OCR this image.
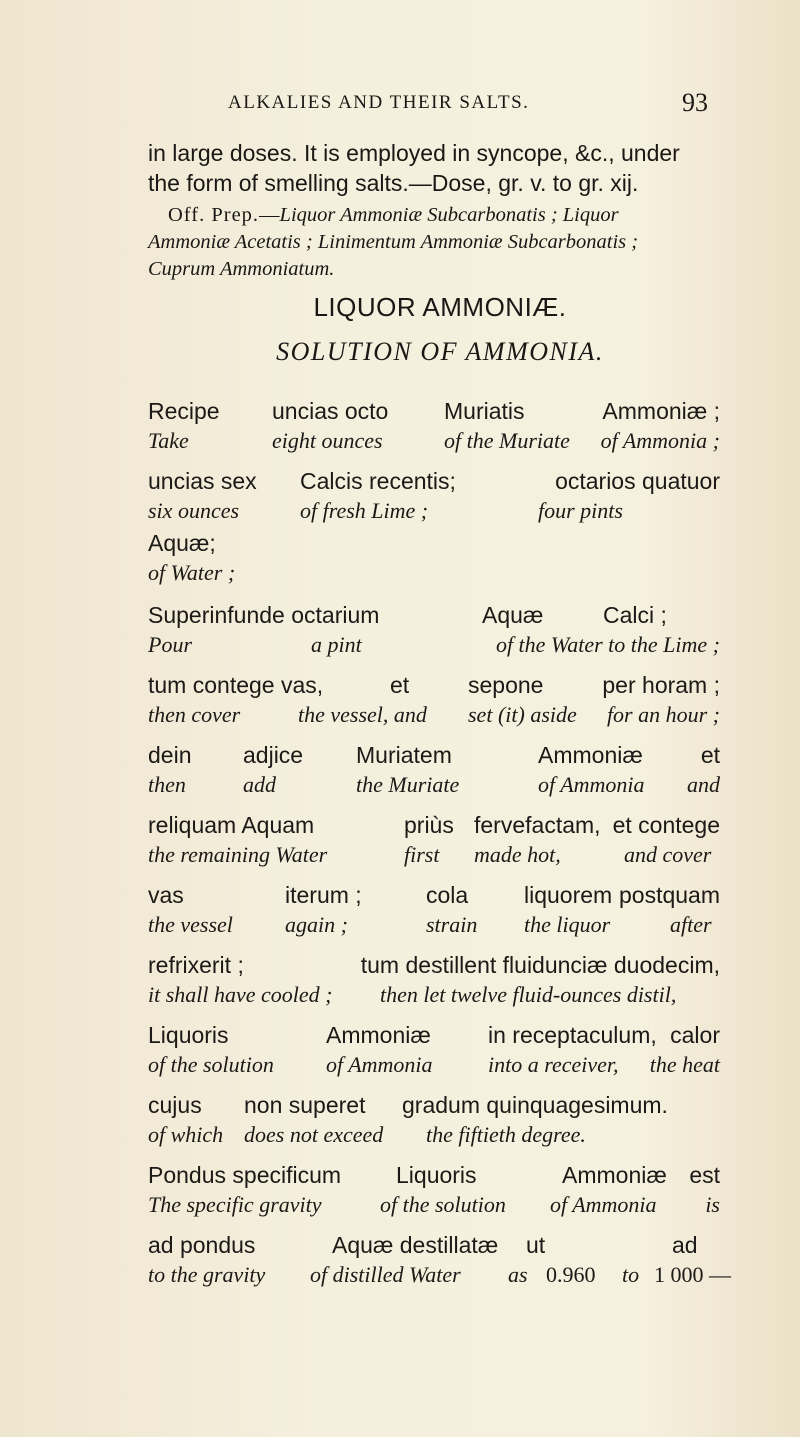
ALKALIES AND THEIR SALTS.	93
in large doses. It is employed in syncope, &c., under
the form of smelling salts.—Dose, gr. v. to gr. xij.
Off. Prep.—Liquor Ammoniæ Subcarbonatis ; Liquor
Ammoniæ Acetatis ; Linimentum Ammoniæ Subcarbonatis ;
Cuprum Ammoniatum.
LIQUOR AMMONIÆ.
SOLUTION OF AMMONIA.
Recipe uncias octo Muriatis	Ammoniæ ;
Take	eight ounces	of the Muriate of Ammonia ;
uncias sex Calcis recentis;	octarios quatuor
six ounces	of fresh Lime ;	four pints
Aquæ;
of Water ;
Superinfunde octarium	Aquæ	Calci ;
Pour	a pint	of the Water to the Lime ;
tum contege vas,	et	sepone	per horam ;
then cover	the vessel, and set (it) aside for an hour ;
dein adjice Muriatem	Ammoniæ	et
then	add	the Muriate	of Ammonia and
reliquam Aquam	priùs fervefactam, et contege
the remaining Water	first made hot,	and cover
vas	iterum ;	cola liquorem postquam
the vessel again ;	strain the liquor	after
refrixerit ;	tum destillent fluidunciæ duodecim,
it shall have cooled ; then let twelve fluid-ounces distil,
Liquoris	Ammoniæ in receptaculum, calor
of the solution of Ammonia	into a receiver, the heat
cujus non superet gradum quinquagesimum.
of which does not exceed the fiftieth degree.
Pondus specificum Liquoris	Ammoniæ est
The specific gravity	of the solution of Ammonia is
ad pondus	Aquæ destillatæ ut	ad
to the gravity of distilled Water as 0.960 to 1 000 —
